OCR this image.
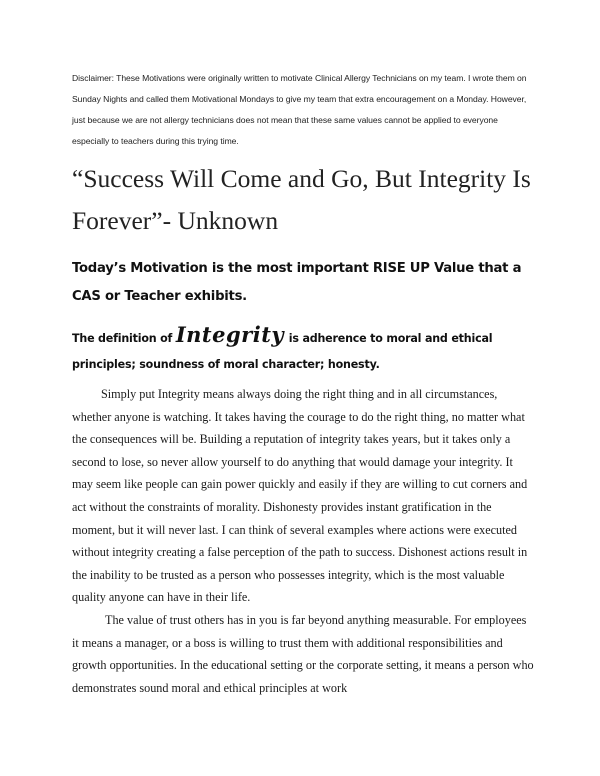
Disclaimer: These Motivations were originally written to motivate Clinical Allergy Technicians on my team. I wrote them on Sunday Nights and called them Motivational Mondays to give my team that extra encouragement on a Monday. However, just because we are not allergy technicians does not mean that these same values cannot be applied to everyone especially to teachers during this trying time.

“Success Will Come and Go, But Integrity Is Forever”- Unknown
Today’s Motivation is the most important RISE UP Value that a CAS or Teacher exhibits.

The definition of Integrity is adherence to moral and ethical principles; soundness of moral character; honesty.

Simply put Integrity means always doing the right thing and in all circumstances, whether anyone is watching. It takes having the courage to do the right thing, no matter what the consequences will be. Building a reputation of integrity takes years, but it takes only a second to lose, so never allow yourself to do anything that would damage your integrity. It may seem like people can gain power quickly and easily if they are willing to cut corners and act without the constraints of morality. Dishonesty provides instant gratification in the moment, but it will never last. I can think of several examples where actions were executed without integrity creating a false perception of the path to success. Dishonest actions result in the inability to be trusted as a person who possesses integrity, which is the most valuable quality anyone can have in their life.

The value of trust others has in you is far beyond anything measurable. For employees it means a manager, or a boss is willing to trust them with additional responsibilities and growth opportunities. In the educational setting or the corporate setting, it means a person who demonstrates sound moral and ethical principles at work
